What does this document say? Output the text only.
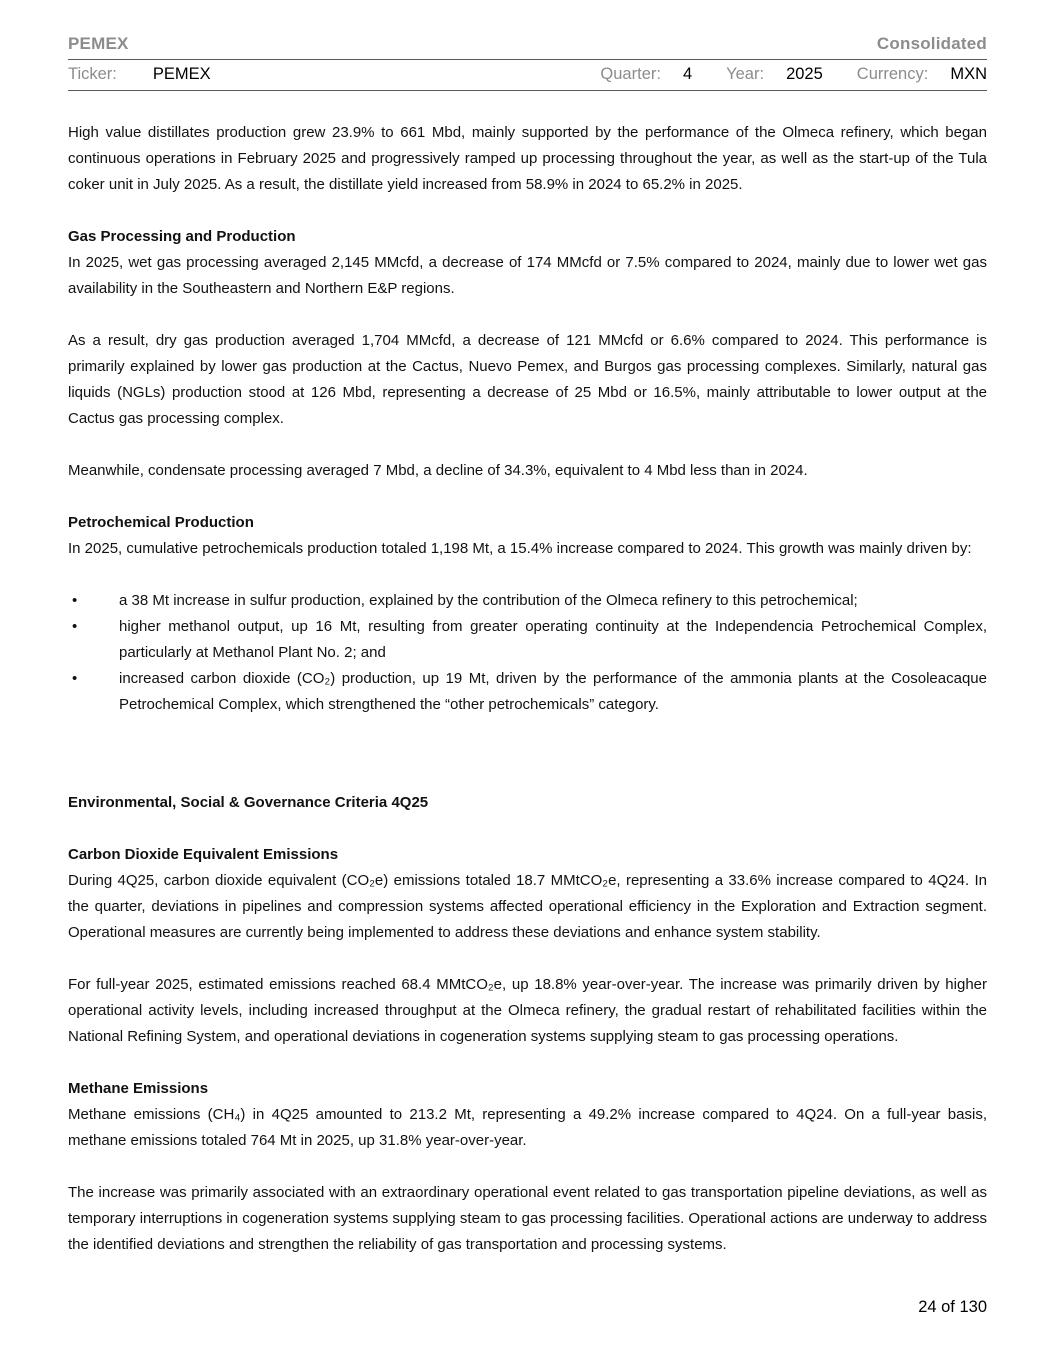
PEMEX	Consolidated
Ticker: PEMEX	Quarter: 4 Year: 2025 Currency: MXN

High value distillates production grew 23.9% to 661 Mbd, mainly supported by the performance of the Olmeca refinery, which began continuous operations in February 2025 and progressively ramped up processing throughout the year, as well as the start-up of the Tula coker unit in July 2025. As a result, the distillate yield increased from 58.9% in 2024 to 65.2% in 2025.

Gas Processing and Production

In 2025, wet gas processing averaged 2,145 MMcfd, a decrease of 174 MMcfd or 7.5% compared to 2024, mainly due to lower wet gas availability in the Southeastern and Northern E&P regions.

As a result, dry gas production averaged 1,704 MMcfd, a decrease of 121 MMcfd or 6.6% compared to 2024. This performance is primarily explained by lower gas production at the Cactus, Nuevo Pemex, and Burgos gas processing complexes. Similarly, natural gas liquids (NGLs) production stood at 126 Mbd, representing a decrease of 25 Mbd or 16.5%, mainly attributable to lower output at the Cactus gas processing complex.

Meanwhile, condensate processing averaged 7 Mbd, a decline of 34.3%, equivalent to 4 Mbd less than in 2024.

Petrochemical Production

In 2025, cumulative petrochemicals production totaled 1,198 Mt, a 15.4% increase compared to 2024. This growth was mainly driven by:

•	a 38 Mt increase in sulfur production, explained by the contribution of the Olmeca refinery to this petrochemical;
•	higher methanol output, up 16 Mt, resulting from greater operating continuity at the Independencia Petrochemical Complex, particularly at Methanol Plant No. 2; and
•	increased carbon dioxide (CO₂) production, up 19 Mt, driven by the performance of the ammonia plants at the Cosoleacaque Petrochemical Complex, which strengthened the “other petrochemicals” category.

Environmental, Social & Governance Criteria 4Q25

Carbon Dioxide Equivalent Emissions

During 4Q25, carbon dioxide equivalent (CO₂e) emissions totaled 18.7 MMtCO₂e, representing a 33.6% increase compared to 4Q24. In the quarter, deviations in pipelines and compression systems affected operational efficiency in the Exploration and Extraction segment. Operational measures are currently being implemented to address these deviations and enhance system stability.

For full-year 2025, estimated emissions reached 68.4 MMtCO₂e, up 18.8% year-over-year. The increase was primarily driven by higher operational activity levels, including increased throughput at the Olmeca refinery, the gradual restart of rehabilitated facilities within the National Refining System, and operational deviations in cogeneration systems supplying steam to gas processing operations.

Methane Emissions

Methane emissions (CH₄) in 4Q25 amounted to 213.2 Mt, representing a 49.2% increase compared to 4Q24. On a full-year basis, methane emissions totaled 764 Mt in 2025, up 31.8% year-over-year.

The increase was primarily associated with an extraordinary operational event related to gas transportation pipeline deviations, as well as temporary interruptions in cogeneration systems supplying steam to gas processing facilities. Operational actions are underway to address the identified deviations and strengthen the reliability of gas transportation and processing systems.

24 of 130
